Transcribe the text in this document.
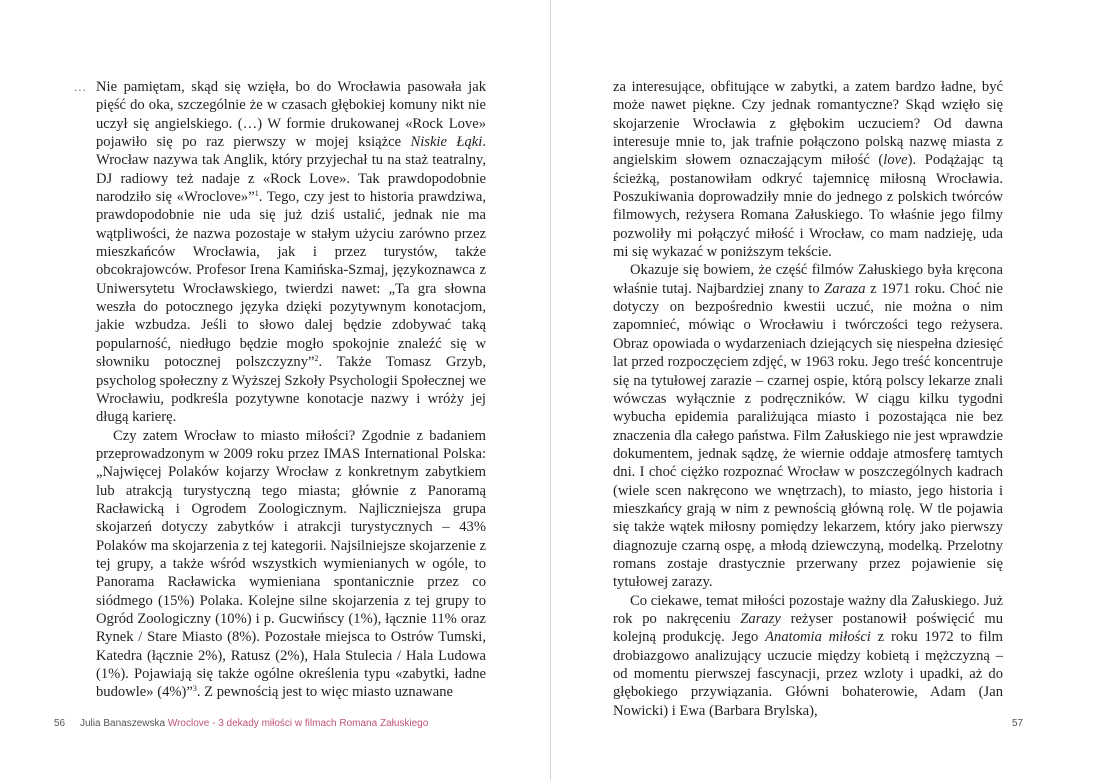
... Nie pamiętam, skąd się wzięła, bo do Wrocławia pasowała jak pięść do oka, szczególnie że w czasach głębokiej komuny nikt nie uczył się angielskiego. (…) W formie drukowanej «Rock Love» pojawiło się po raz pierwszy w mojej książce Niskie Łąki. Wrocław nazywa tak Anglik, który przyjechał tu na staż teatralny, DJ radiowy też nadaje z «Rock Love». Tak prawdopodobnie narodziło się «Wroclove»”$^1$. Tego, czy jest to historia prawdziwa, prawdopodobnie nie uda się już dziś ustalić, jednak nie ma wątpliwości, że nazwa pozostaje w stałym użyciu zarówno przez mieszkańców Wrocławia, jak i przez turystów, także obcokrajowców. Profesor Irena Kamińska-Szmaj, językoznawca z Uniwersytetu Wrocławskiego, twierdzi nawet: „Ta gra słowna weszła do potocznego języka dzięki pozytywnym konotacjom, jakie wzbudza. Jeśli to słowo dalej będzie zdobywać taką popularność, niedługo będzie mogło spokojnie znaleźć się w słowniku potocznej polszczyzny”$^2$. Także Tomasz Grzyb, psycholog społeczny z Wyższej Szkoły Psychologii Społecznej we Wrocławiu, podkreśla pozytywne konotacje nazwy i wróży jej długą karierę.

Czy zatem Wrocław to miasto miłości? Zgodnie z badaniem przeprowadzonym w 2009 roku przez IMAS International Polska: „Najwięcej Polaków kojarzy Wrocław z konkretnym zabytkiem lub atrakcją turystyczną tego miasta; głównie z Panoramą Racławicką i Ogrodem Zoologicznym. Najliczniejsza grupa skojarzeń dotyczy zabytków i atrakcji turystycznych – 43% Polaków ma skojarzenia z tej kategorii. Najsilniejsze skojarzenie z tej grupy, a także wśród wszystkich wymienianych w ogóle, to Panorama Racławicka wymieniana spontanicznie przez co siódmego (15%) Polaka. Kolejne silne skojarzenia z tej grupy to Ogród Zoologiczny (10%) i p. Gucwińscy (1%), łącznie 11% oraz Rynek / Stare Miasto (8%). Pozostałe miejsca to Ostrów Tumski, Katedra (łącznie 2%), Ratusz (2%), Hala Stulecia / Hala Ludowa (1%). Pojawiają się także ogólne określenia typu «zabytki, ładne budowle» (4%)”$^3$. Z pewnością jest to więc miasto uznawane

56 Julia Banaszewska Wroclove - 3 dekady miłości w filmach Romana Załuskiego

za interesujące, obfitujące w zabytki, a zatem bardzo ładne, być może nawet piękne. Czy jednak romantyczne? Skąd wzięło się skojarzenie Wrocławia z głębokim uczuciem? Od dawna interesuje mnie to, jak trafnie połączono polską nazwę miasta z angielskim słowem oznaczającym miłość (love). Podążając tą ścieżką, postanowiłam odkryć tajemnicę miłosną Wrocławia. Poszukiwania doprowadziły mnie do jednego z polskich twórców filmowych, reżysera Romana Załuskiego. To właśnie jego filmy pozwoliły mi połączyć miłość i Wrocław, co mam nadzieję, uda mi się wykazać w poniższym tekście.

Okazuje się bowiem, że część filmów Załuskiego była kręcona właśnie tutaj. Najbardziej znany to Zaraza z 1971 roku. Choć nie dotyczy on bezpośrednio kwestii uczuć, nie można o nim zapomnieć, mówiąc o Wrocławiu i twórczości tego reżysera. Obraz opowiada o wydarzeniach dziejących się niespełna dziesięć lat przed rozpoczęciem zdjęć, w 1963 roku. Jego treść koncentruje się na tytułowej zarazie – czarnej ospie, którą polscy lekarze znali wówczas wyłącznie z podręczników. W ciągu kilku tygodni wybucha epidemia paraliżująca miasto i pozostająca nie bez znaczenia dla całego państwa. Film Załuskiego nie jest wprawdzie dokumentem, jednak sądzę, że wiernie oddaje atmosferę tamtych dni. I choć ciężko rozpoznać Wrocław w poszczególnych kadrach (wiele scen nakręcono we wnętrzach), to miasto, jego historia i mieszkańcy grają w nim z pewnością główną rolę. W tle pojawia się także wątek miłosny pomiędzy lekarzem, który jako pierwszy diagnozuje czarną ospę, a młodą dziewczyną, modelką. Przelotny romans zostaje drastycznie przerwany przez pojawienie się tytułowej zarazy.

Co ciekawe, temat miłości pozostaje ważny dla Załuskiego. Już rok po nakręceniu Zarazy reżyser postanowił poświęcić mu kolejną produkcję. Jego Anatomia miłości z roku 1972 to film drobiazgowo analizujący uczucie między kobietą i mężczyzną – od momentu pierwszej fascynacji, przez wzloty i upadki, aż do głębokiego przywiązania. Główni bohaterowie, Adam (Jan Nowicki) i Ewa (Barbara Brylska),

57
